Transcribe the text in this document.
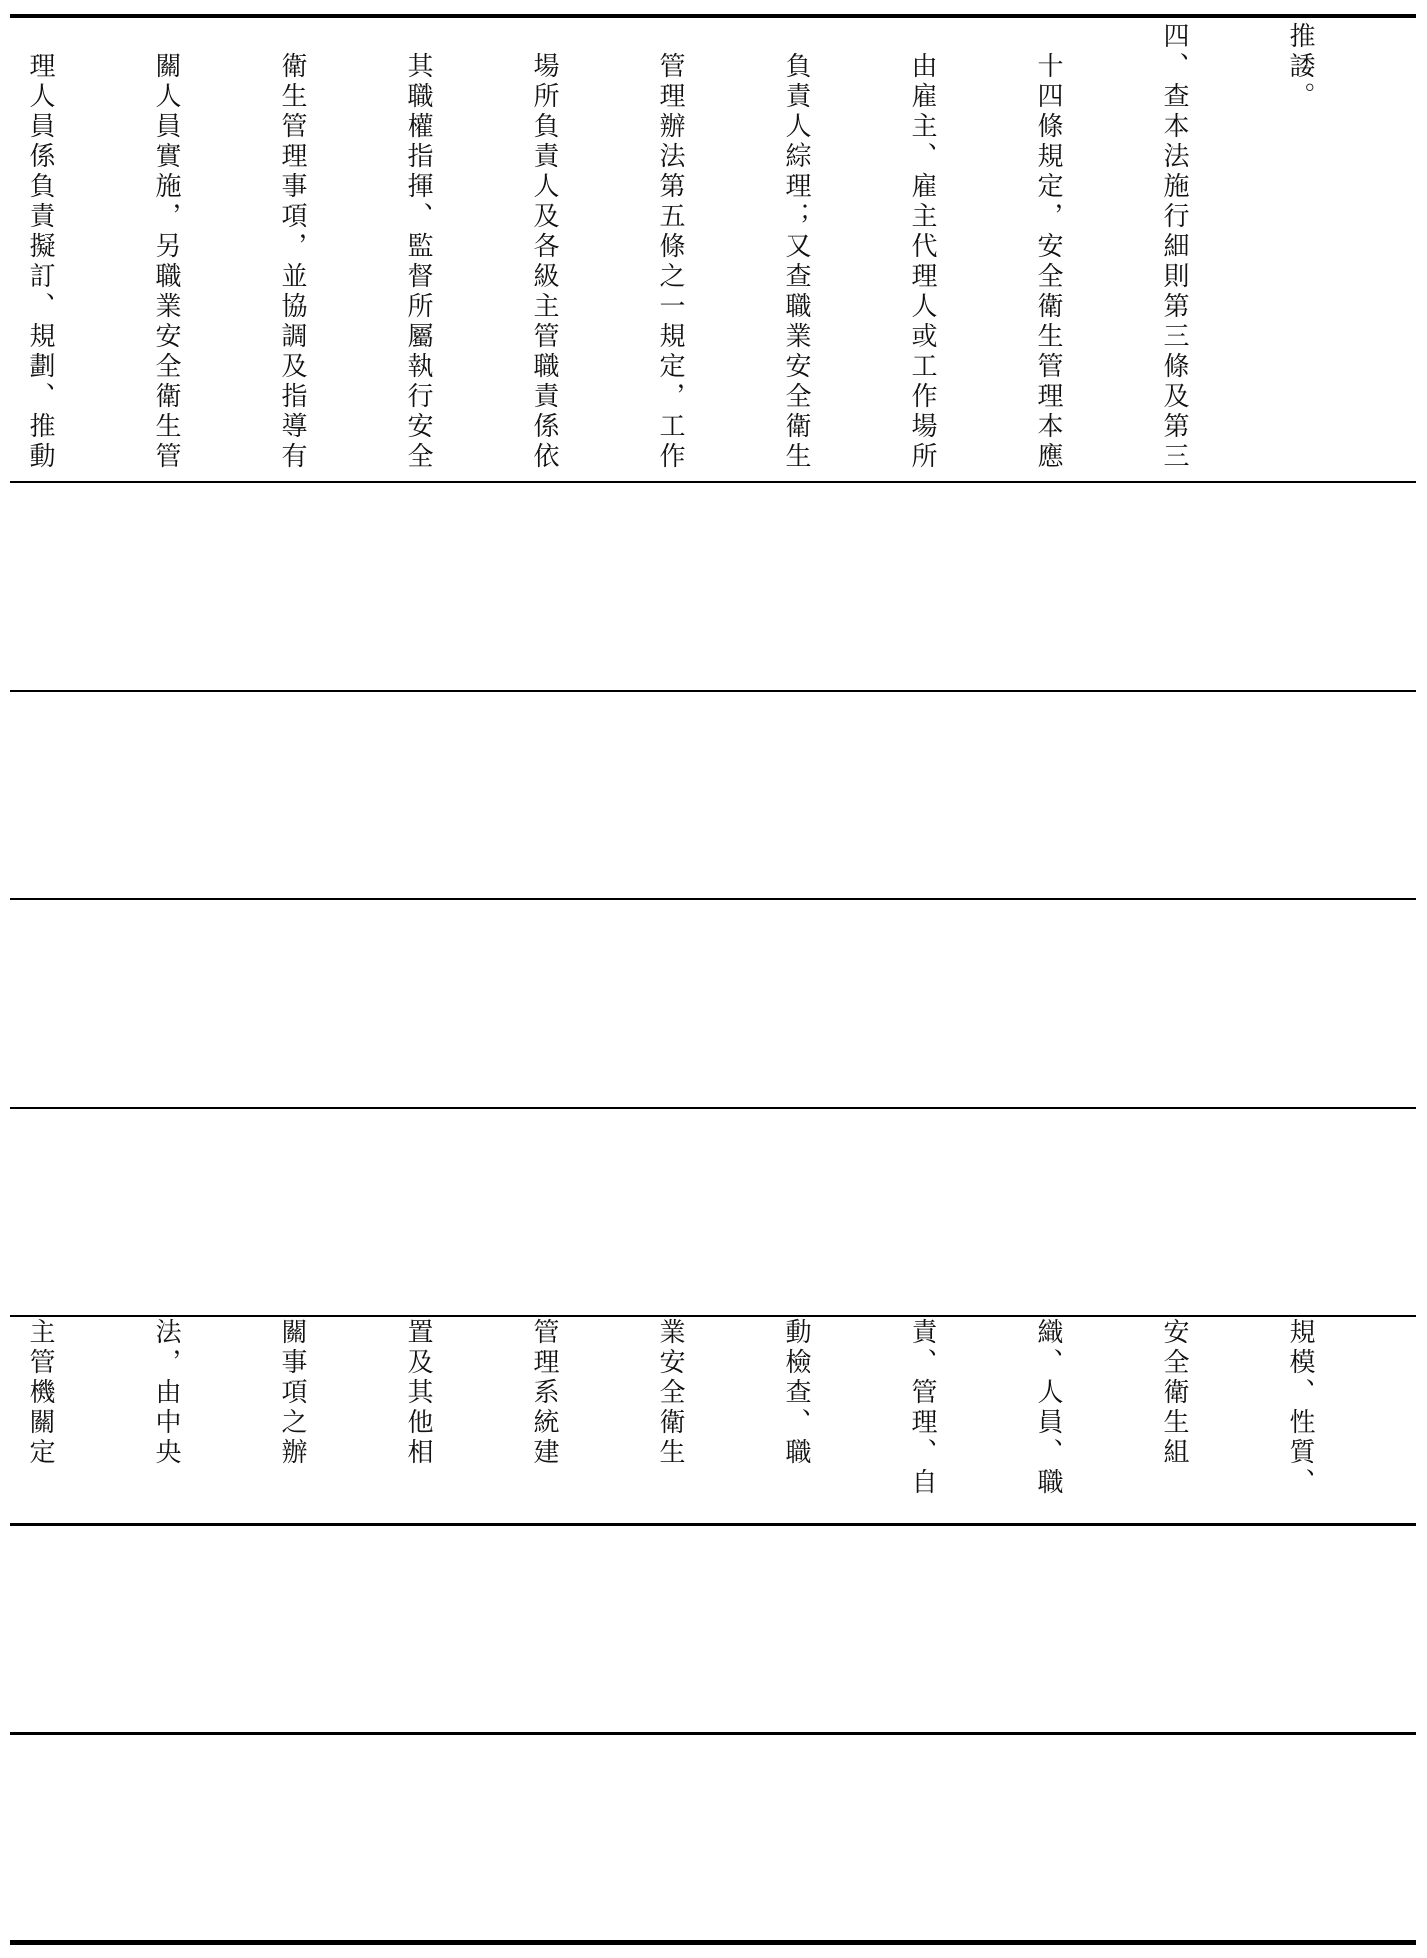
推諉。

四、查本法施行細則第三條及第三

　十四條規定，安全衛生管理本應

　由雇主、雇主代理人或工作場所

　負責人綜理；又查職業安全衛生

　管理辦法第五條之一規定，工作

　場所負責人及各級主管職責係依

　其職權指揮、監督所屬執行安全

　衛生管理事項，並協調及指導有

　關人員實施，另職業安全衛生管

　理人員係負責擬訂、規劃、推動

規模、性質、

安全衛生組

織、人員、職

責、管理、自

動檢查、職

業安全衛生

管理系統建

置及其他相

關事項之辦

法，由中央

主管機關定
